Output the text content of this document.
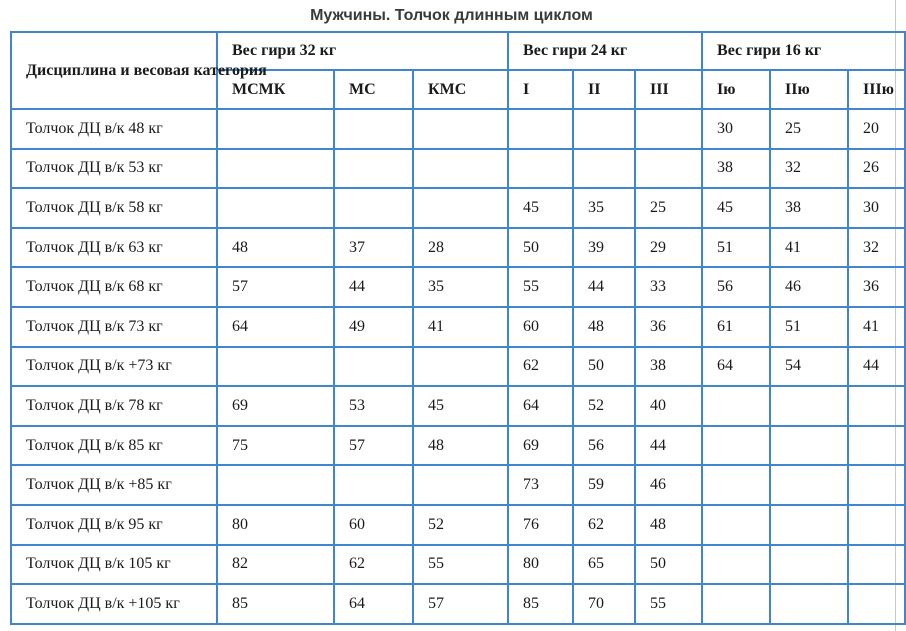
Мужчины. Толчок длинным циклом
Дисциплина и весовая категория	Вес гири 32 кг			Вес гири 24 кг			Вес гири 16 кг		
	МСМК	МС	КМС	I	II	III	Iю	IIю	IIIю
Толчок ДЦ в/к 48 кг							30	25	20
Толчок ДЦ в/к 53 кг							38	32	26
Толчок ДЦ в/к 58 кг				45	35	25	45	38	30
Толчок ДЦ в/к 63 кг	48	37	28	50	39	29	51	41	32
Толчок ДЦ в/к 68 кг	57	44	35	55	44	33	56	46	36
Толчок ДЦ в/к 73 кг	64	49	41	60	48	36	61	51	41
Толчок ДЦ в/к +73 кг				62	50	38	64	54	44
Толчок ДЦ в/к 78 кг	69	53	45	64	52	40			
Толчок ДЦ в/к 85 кг	75	57	48	69	56	44			
Толчок ДЦ в/к +85 кг				73	59	46			
Толчок ДЦ в/к 95 кг	80	60	52	76	62	48			
Толчок ДЦ в/к 105 кг	82	62	55	80	65	50			
Толчок ДЦ в/к +105 кг	85	64	57	85	70	55			
